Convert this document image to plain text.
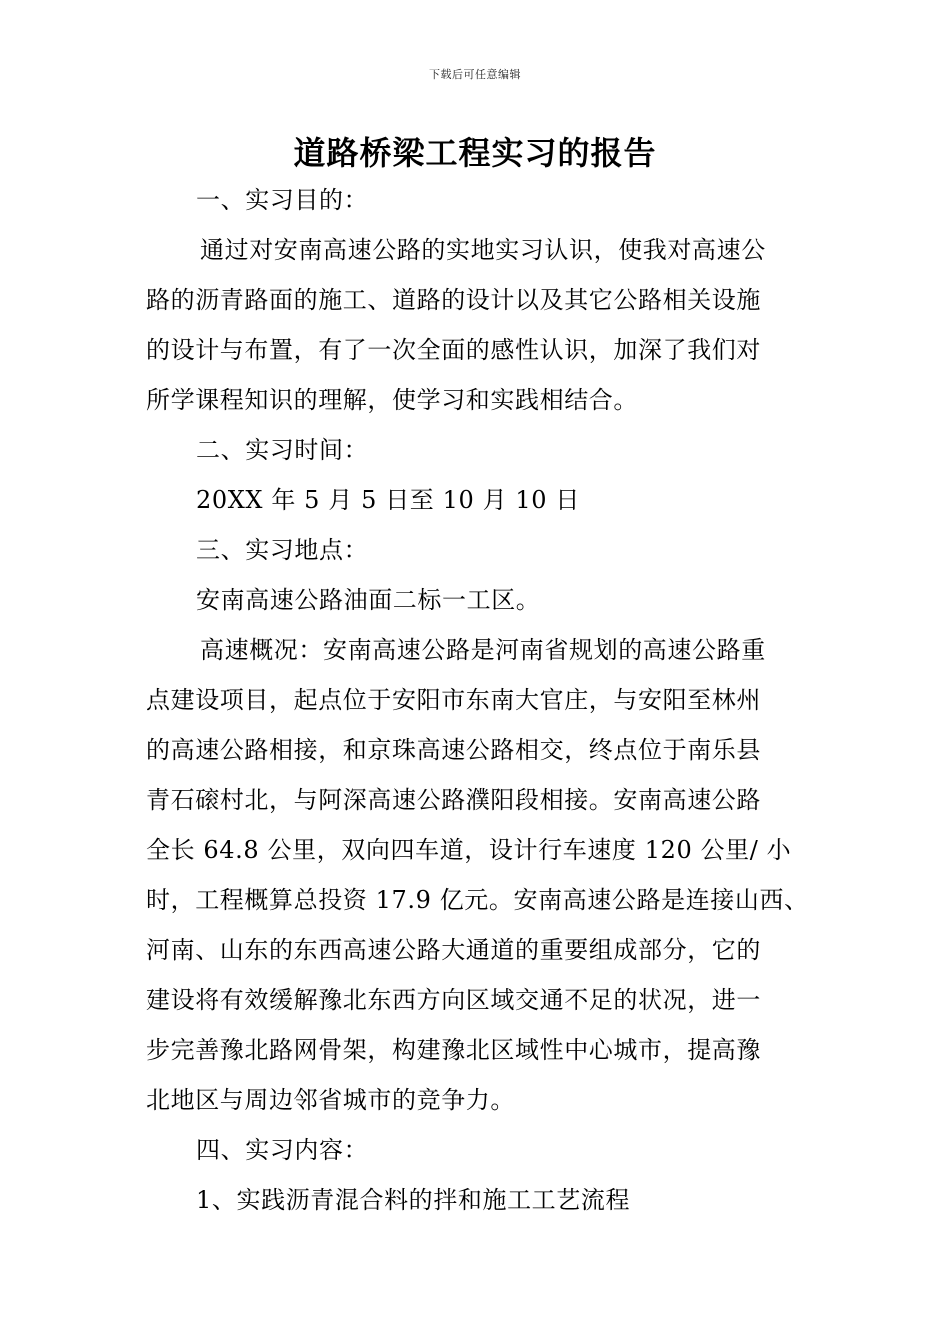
下载后可任意编辑
道路桥梁工程实习的报告
一、实习目的：
通过对安南高速公路的实地实习认识，使我对高速公
路的沥青路面的施工、道路的设计以及其它公路相关设施
的设计与布置，有了一次全面的感性认识，加深了我们对
所学课程知识的理解，使学习和实践相结合。
二、实习时间：
20XX 年 5 月 5 日至 10 月 10 日
三、实习地点：
安南高速公路油面二标一工区。
高速概况：安南高速公路是河南省规划的高速公路重
点建设项目，起点位于安阳市东南大官庄，与安阳至林州
的高速公路相接，和京珠高速公路相交，终点位于南乐县
青石磙村北，与阿深高速公路濮阳段相接。安南高速公路
全长 64.8 公里，双向四车道，设计行车速度 120 公里/ 小
时，工程概算总投资 17.9 亿元。安南高速公路是连接山西、
河南、山东的东西高速公路大通道的重要组成部分，它的
建设将有效缓解豫北东西方向区域交通不足的状况，进一
步完善豫北路网骨架，构建豫北区域性中心城市，提高豫
北地区与周边邻省城市的竞争力。
四、实习内容：
1、实践沥青混合料的拌和施工工艺流程
